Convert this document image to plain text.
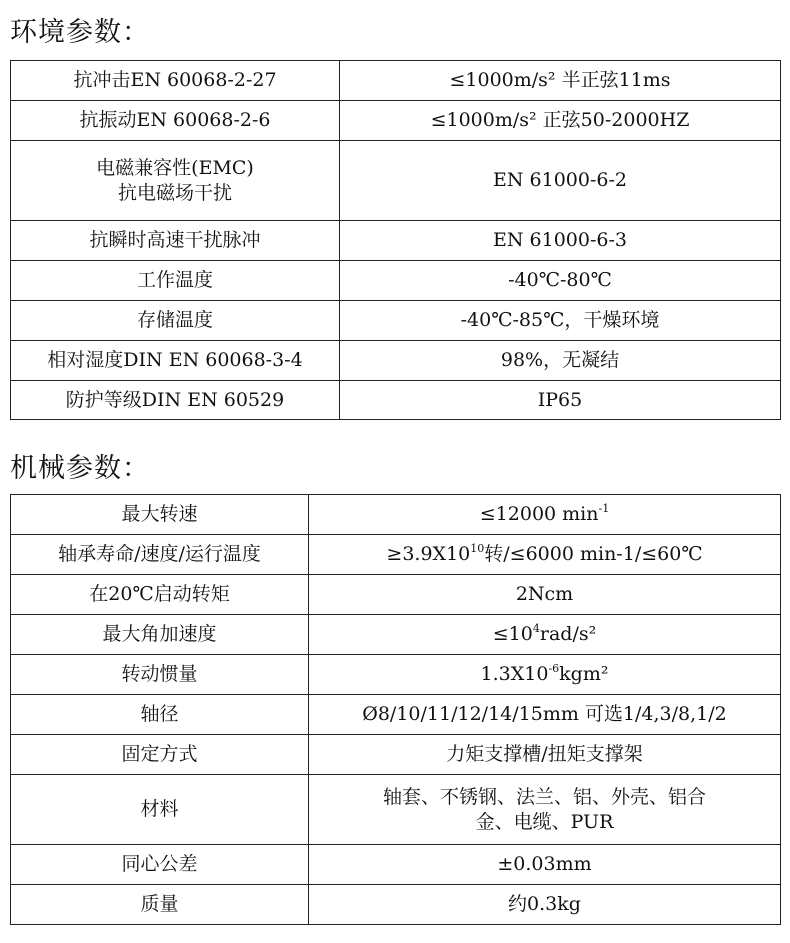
环境参数：
抗冲击EN 60068-2-27	≤1000m/s² 半正弦11ms
抗振动EN 60068-2-6	≤1000m/s² 正弦50-2000HZ

电磁兼容性(EMC)
抗电磁场干扰	EN 61000-6-2
抗瞬时高速干扰脉冲	EN 61000-6-3
工作温度	-40℃-80℃
存储温度	-40℃-85℃，干燥环境
相对湿度DIN EN 60068-3-4	98%，无凝结
防护等级DIN EN 60529	IP65
机械参数：
最大转速	≤12000 $\min^{-1}$
轴承寿命/速度/运行温度	$\ge 3.9X10^{10}$转/≤6000 min-1/≤60℃
在20℃启动转矩	2Ncm
最大角加速度	$\le 10^4rad/s^2$
转动惯量	$1.3X10^{-6}kgm^2$
轴径	Ø8/10/11/12/14/15mm 可选1/4,3/8,1/2
固定方式	力矩支撑槽/扭矩支撑架
材料	轴套、不锈钢、法兰、铝、外壳、铝合
金、电缆、PUR

同心公差	±0.03mm
质量	约0.3kg
